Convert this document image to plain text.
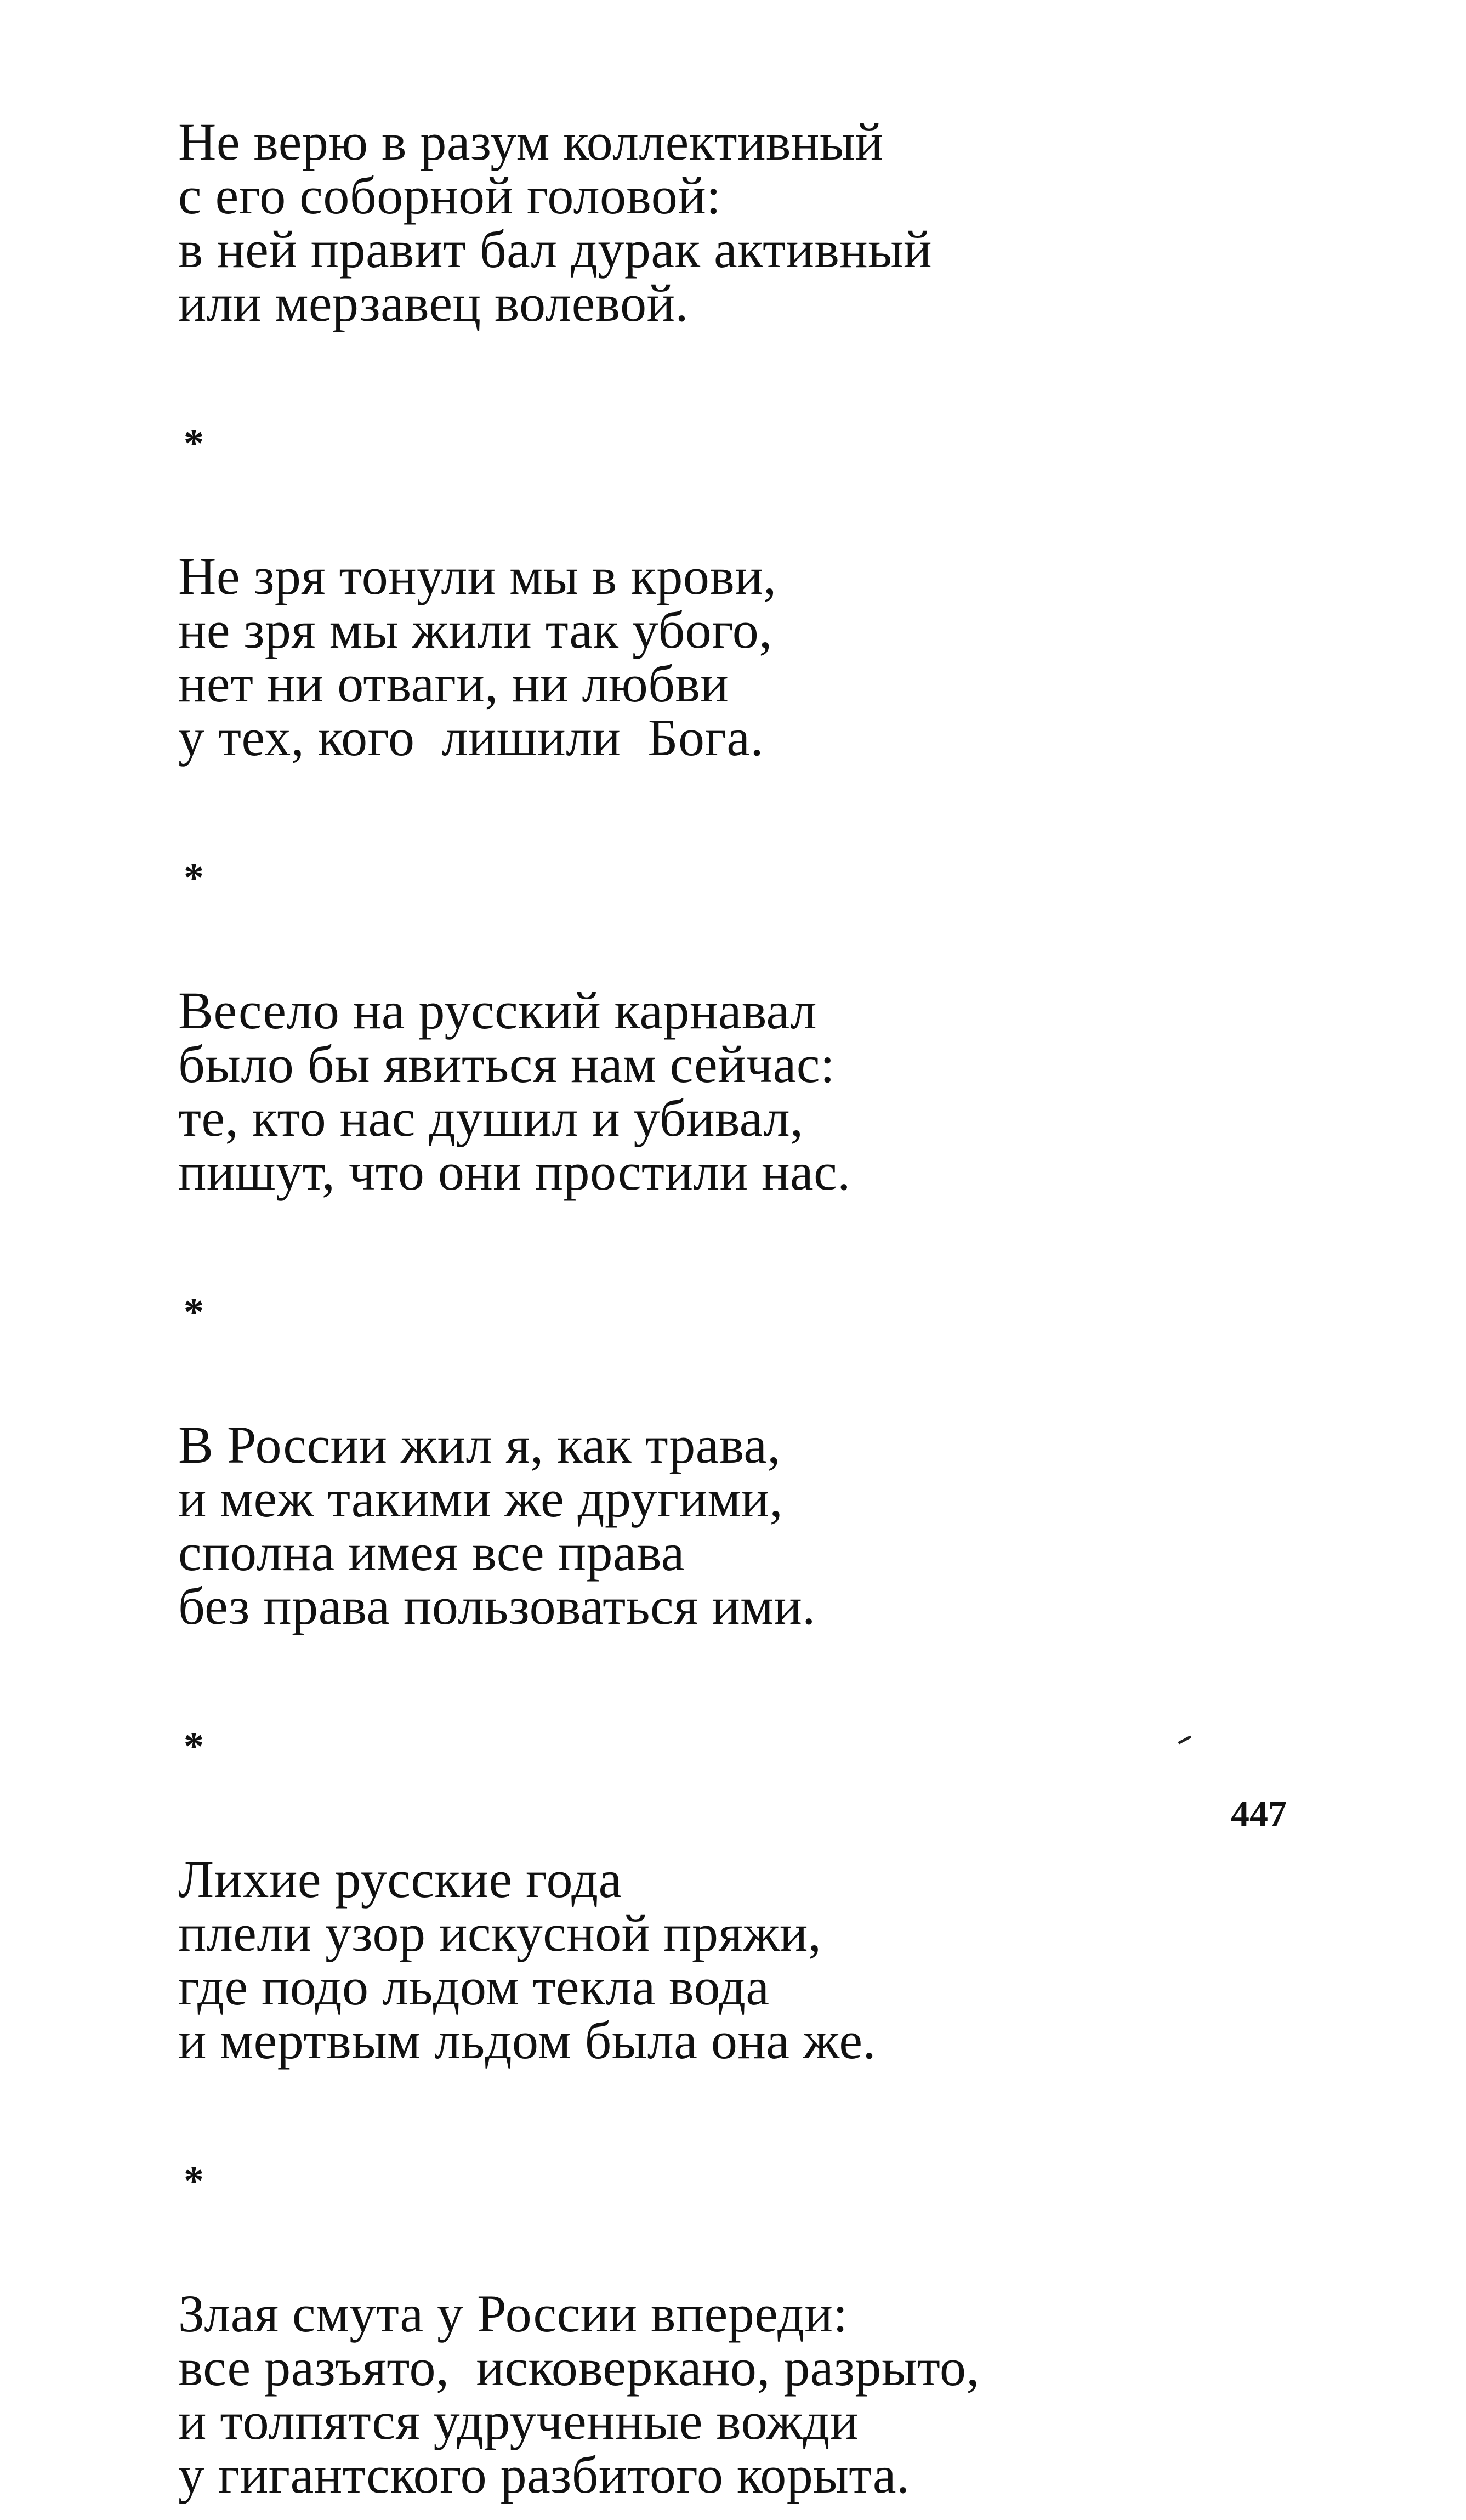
Не верю в разум коллективный
с его соборной головой:
в ней правит бал дурак активный
или мерзавец волевой.
*
Не зря тонули мы в крови,
не зря мы жили так убого,
нет ни отваги, ни любви
у тех, кого  лишили  Бога.
*
Весело на русский карнавал
было бы явиться нам сейчас:
те, кто нас душил и убивал,
пишут, что они простили нас.
*
В России жил я, как трава,
и меж такими же другими,
сполна имея все права
без права пользоваться ими.
*
Лихие русские года
плели узор искусной пряжи,
где подо льдом текла вода
и мертвым льдом была она же.
*
Злая смута у России впереди:
все разъято,  исковеркано, разрыто,
и толпятся удрученные вожди
у гигантского разбитого корыта.
447
